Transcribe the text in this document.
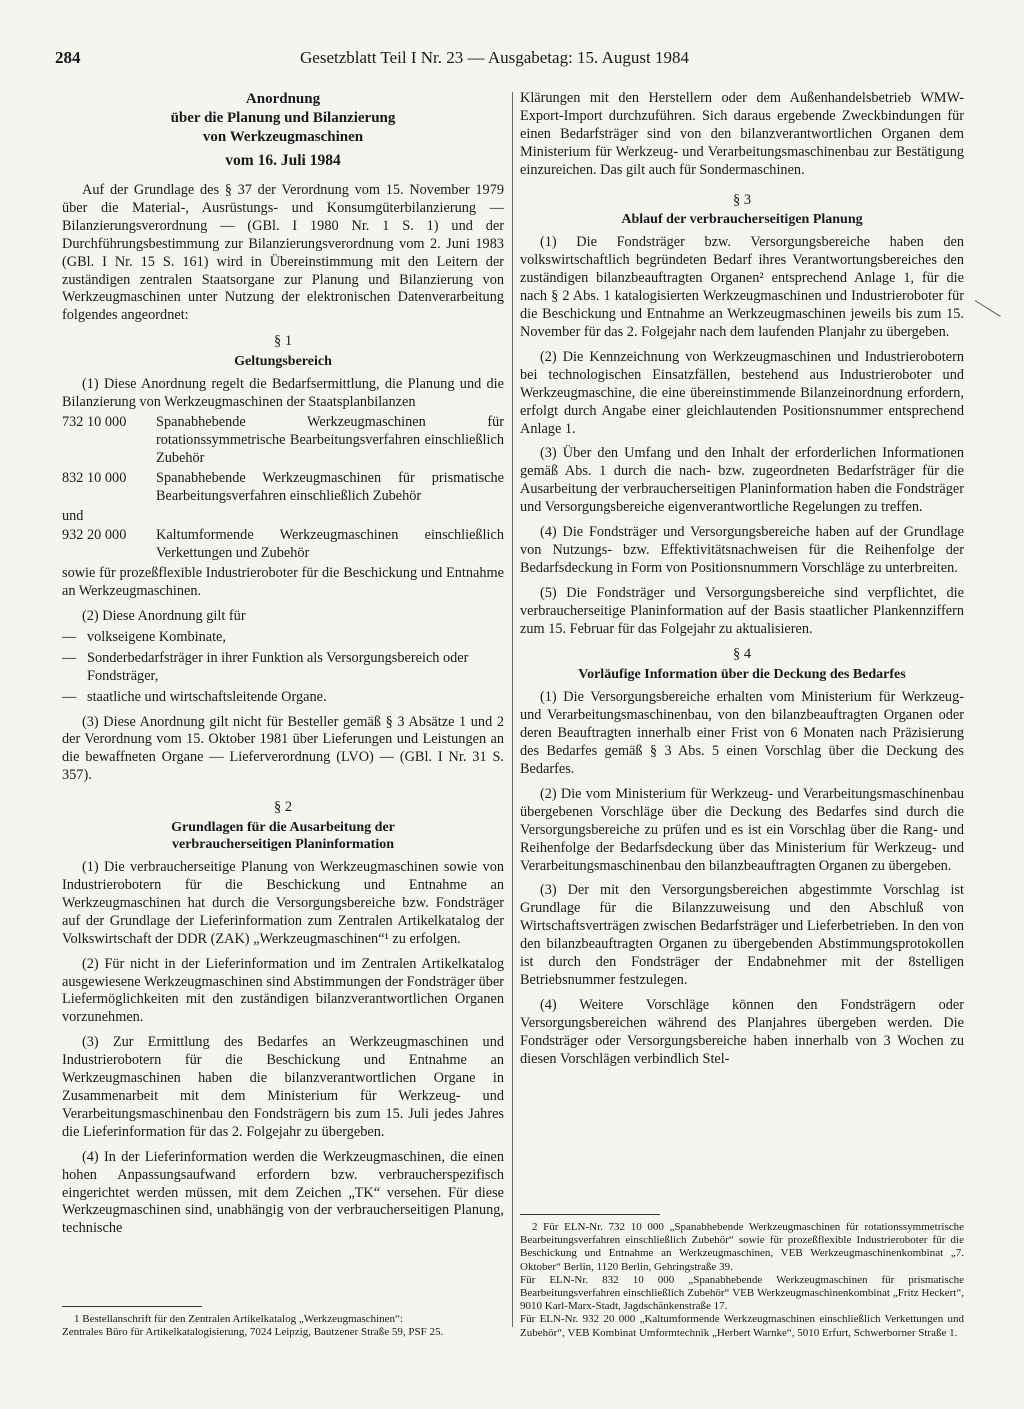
284	Gesetzblatt Teil I Nr. 23 — Ausgabetag: 15. August 1984
Anordnung
über die Planung und Bilanzierung
von Werkzeugmaschinen
vom 16. Juli 1984

Auf der Grundlage des § 37 der Verordnung vom 15. November 1979 über die Material-, Ausrüstungs- und Konsumgüterbilanzierung — Bilanzierungsverordnung — (GBl. I 1980 Nr. 1 S. 1) und der Durchführungsbestimmung zur Bilanzierungsverordnung vom 2. Juni 1983 (GBl. I Nr. 15 S. 161) wird in Übereinstimmung mit den Leitern der zuständigen zentralen Staatsorgane zur Planung und Bilanzierung von Werkzeugmaschinen unter Nutzung der elektronischen Datenverarbeitung folgendes angeordnet:

§ 1
Geltungsbereich

(1) Diese Anordnung regelt die Bedarfsermittlung, die Planung und die Bilanzierung von Werkzeugmaschinen der Staatsplanbilanzen

732 10 000	Spanabhebende Werkzeugmaschinen für rotationssymmetrische Bearbeitungsverfahren einschließlich Zubehör
832 10 000	Spanabhebende Werkzeugmaschinen für prismatische Bearbeitungsverfahren einschließlich Zubehör
und
932 20 000	Kaltumformende Werkzeugmaschinen einschließlich Verkettungen und Zubehör

sowie für prozeßflexible Industrieroboter für die Beschickung und Entnahme an Werkzeugmaschinen.

(2) Diese Anordnung gilt für

— volkseigene Kombinate,
— Sonderbedarfsträger in ihrer Funktion als Versorgungsbereich oder Fondsträger,
— staatliche und wirtschaftsleitende Organe.

(3) Diese Anordnung gilt nicht für Besteller gemäß § 3 Absätze 1 und 2 der Verordnung vom 15. Oktober 1981 über Lieferungen und Leistungen an die bewaffneten Organe — Lieferverordnung (LVO) — (GBl. I Nr. 31 S. 357).

§ 2
Grundlagen für die Ausarbeitung der
verbraucherseitigen Planinformation

(1) Die verbraucherseitige Planung von Werkzeugmaschinen sowie von Industrierobotern für die Beschickung und Entnahme an Werkzeugmaschinen hat durch die Versorgungsbereiche bzw. Fondsträger auf der Grundlage der Lieferinformation zum Zentralen Artikelkatalog der Volkswirtschaft der DDR (ZAK) „Werkzeugmaschinen“¹ zu erfolgen.

(2) Für nicht in der Lieferinformation und im Zentralen Artikelkatalog ausgewiesene Werkzeugmaschinen sind Abstimmungen der Fondsträger über Liefermöglichkeiten mit den zuständigen bilanzverantwortlichen Organen vorzunehmen.

(3) Zur Ermittlung des Bedarfes an Werkzeugmaschinen und Industrierobotern für die Beschickung und Entnahme an Werkzeugmaschinen haben die bilanzverantwortlichen Organe in Zusammenarbeit mit dem Ministerium für Werkzeug- und Verarbeitungsmaschinenbau den Fondsträgern bis zum 15. Juli jedes Jahres die Lieferinformation für das 2. Folgejahr zu übergeben.

(4) In der Lieferinformation werden die Werkzeugmaschinen, die einen hohen Anpassungsaufwand erfordern bzw. verbraucherspezifisch eingerichtet werden müssen, mit dem Zeichen „TK“ versehen. Für diese Werkzeugmaschinen sind, unabhängig von der verbraucherseitigen Planung, technische

1 Bestellanschrift für den Zentralen Artikelkatalog „Werkzeugmaschinen“:

Zentrales Büro für Artikelkatalogisierung, 7024 Leipzig, Bautzener Straße 59, PSF 25.

Klärungen mit den Herstellern oder dem Außenhandelsbetrieb WMW-Export-Import durchzuführen. Sich daraus ergebende Zweckbindungen für einen Bedarfsträger sind von den bilanzverantwortlichen Organen dem Ministerium für Werkzeug- und Verarbeitungsmaschinenbau zur Bestätigung einzureichen. Das gilt auch für Sondermaschinen.

§ 3
Ablauf der verbraucherseitigen Planung

(1) Die Fondsträger bzw. Versorgungsbereiche haben den volkswirtschaftlich begründeten Bedarf ihres Verantwortungsbereiches den zuständigen bilanzbeauftragten Organen² entsprechend Anlage 1, für die nach § 2 Abs. 1 katalogisierten Werkzeugmaschinen und Industrieroboter für die Beschickung und Entnahme an Werkzeugmaschinen jeweils bis zum 15. November für das 2. Folgejahr nach dem laufenden Planjahr zu übergeben.

(2) Die Kennzeichnung von Werkzeugmaschinen und Industrierobotern bei technologischen Einsatzfällen, bestehend aus Industrieroboter und Werkzeugmaschine, die eine übereinstimmende Bilanzeinordnung erfordern, erfolgt durch Angabe einer gleichlautenden Positionsnummer entsprechend Anlage 1.

(3) Über den Umfang und den Inhalt der erforderlichen Informationen gemäß Abs. 1 durch die nach- bzw. zugeordneten Bedarfsträger für die Ausarbeitung der verbraucherseitigen Planinformation haben die Fondsträger und Versorgungsbereiche eigenverantwortliche Regelungen zu treffen.

(4) Die Fondsträger und Versorgungsbereiche haben auf der Grundlage von Nutzungs- bzw. Effektivitätsnachweisen für die Reihenfolge der Bedarfsdeckung in Form von Positionsnummern Vorschläge zu unterbreiten.

(5) Die Fondsträger und Versorgungsbereiche sind verpflichtet, die verbraucherseitige Planinformation auf der Basis staatlicher Plankennziffern zum 15. Februar für das Folgejahr zu aktualisieren.

§ 4
Vorläufige Information über die Deckung des Bedarfes

(1) Die Versorgungsbereiche erhalten vom Ministerium für Werkzeug- und Verarbeitungsmaschinenbau, von den bilanzbeauftragten Organen oder deren Beauftragten innerhalb einer Frist von 6 Monaten nach Präzisierung des Bedarfes gemäß § 3 Abs. 5 einen Vorschlag über die Deckung des Bedarfes.

(2) Die vom Ministerium für Werkzeug- und Verarbeitungsmaschinenbau übergebenen Vorschläge über die Deckung des Bedarfes sind durch die Versorgungsbereiche zu prüfen und es ist ein Vorschlag über die Rang- und Reihenfolge der Bedarfsdeckung über das Ministerium für Werkzeug- und Verarbeitungsmaschinenbau den bilanzbeauftragten Organen zu übergeben.

(3) Der mit den Versorgungsbereichen abgestimmte Vorschlag ist Grundlage für die Bilanzzuweisung und den Abschluß von Wirtschaftsverträgen zwischen Bedarfsträger und Lieferbetrieben. In den von den bilanzbeauftragten Organen zu übergebenden Abstimmungsprotokollen ist durch den Fondsträger der Endabnehmer mit der 8stelligen Betriebsnummer festzulegen.

(4) Weitere Vorschläge können den Fondsträgern oder Versorgungsbereichen während des Planjahres übergeben werden. Die Fondsträger oder Versorgungsbereiche haben innerhalb von 3 Wochen zu diesen Vorschlägen verbindlich Stel-

2 Für ELN-Nr. 732 10 000 „Spanabhebende Werkzeugmaschinen für rotationssymmetrische Bearbeitungsverfahren einschließlich Zubehör“ sowie für prozeßflexible Industrieroboter für die Beschickung und Entnahme an Werkzeugmaschinen, VEB Werkzeugmaschinenkombinat „7. Oktober“ Berlin, 1120 Berlin, Gehringstraße 39.

Für ELN-Nr. 832 10 000 „Spanabhebende Werkzeugmaschinen für prismatische Bearbeitungsverfahren einschließlich Zubehör“ VEB Werkzeugmaschinenkombinat „Fritz Heckert“, 9010 Karl-Marx-Stadt, Jagdschänkenstraße 17.

Für ELN-Nr. 932 20 000 „Kaltumformende Werkzeugmaschinen einschließlich Verkettungen und Zubehör“, VEB Kombinat Umformtechnik „Herbert Warnke“, 5010 Erfurt, Schwerborner Straße 1.
